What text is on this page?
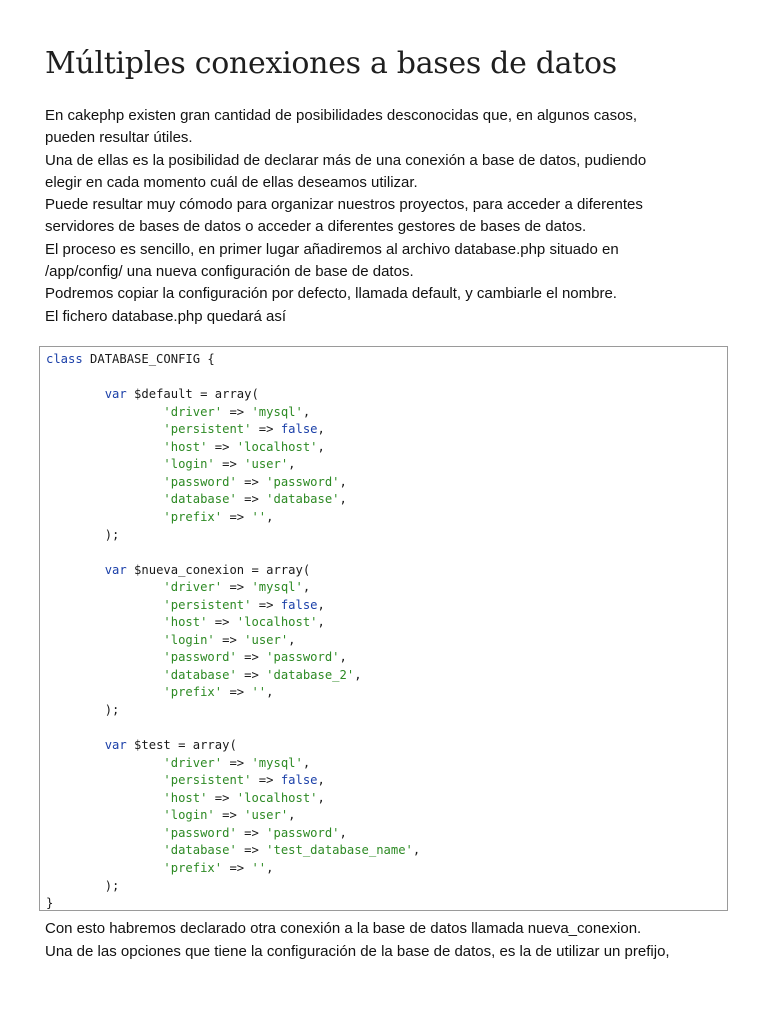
Múltiples conexiones a bases de datos

En cakephp existen gran cantidad de posibilidades desconocidas que, en algunos casos,

pueden resultar útiles.

Una de ellas es la posibilidad de declarar más de una conexión a base de datos, pudiendo

elegir en cada momento cuál de ellas deseamos utilizar.

Puede resultar muy cómodo para organizar nuestros proyectos, para acceder a diferentes

servidores de bases de datos o acceder a diferentes gestores de bases de datos.

El proceso es sencillo, en primer lugar añadiremos al archivo database.php situado en

/app/config/ una nueva configuración de base de datos.

Podremos copiar la configuración por defecto, llamada default, y cambiarle el nombre.

El fichero database.php quedará así

class DATABASE_CONFIG {
var $default = array(
'driver' => 'mysql',
'persistent' => false,
'host' => 'localhost',
'login' => 'user',
'password' => 'password',
'database' => 'database',
'prefix' => '',
);
var $nueva_conexion = array(
'driver' => 'mysql',
'persistent' => false,
'host' => 'localhost',
'login' => 'user',
'password' => 'password',
'database' => 'database_2',
'prefix' => '',
);
var $test = array(
'driver' => 'mysql',
'persistent' => false,
'host' => 'localhost',
'login' => 'user',
'password' => 'password',
'database' => 'test_database_name',
'prefix' => '',
);
}

Con esto habremos declarado otra conexión a la base de datos llamada nueva_conexion.

Una de las opciones que tiene la configuración de la base de datos, es la de utilizar un prefijo,
